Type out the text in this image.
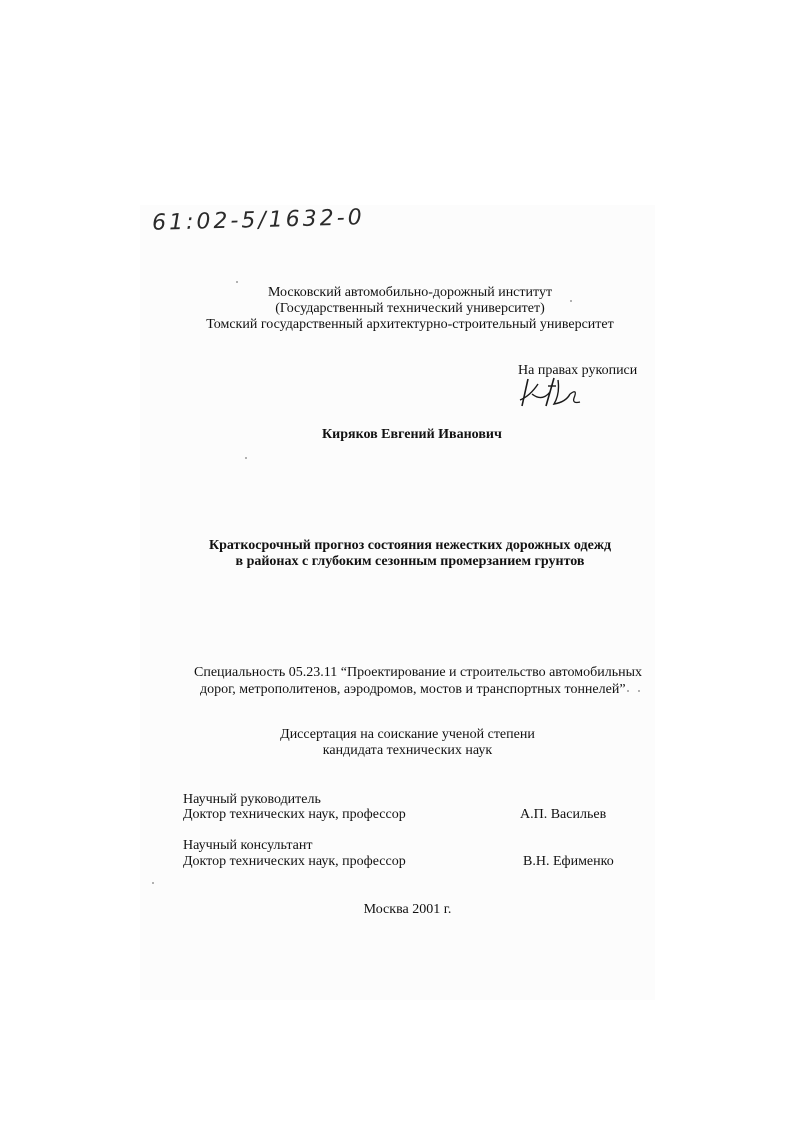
61:02-5/1632-0
Московский автомобильно-дорожный институт
(Государственный технический университет)
Томский государственный архитектурно-строительный университет
На правах рукописи
Киряков Евгений Иванович
Краткосрочный прогноз состояния нежестких дорожных одежд
в районах с глубоким сезонным промерзанием грунтов
Специальность 05.23.11 “Проектирование и строительство автомобильных
дорог, метрополитенов, аэродромов, мостов и транспортных тоннелей”
Диссертация на соискание ученой степени
кандидата технических наук
Научный руководитель
Доктор технических наук, профессор	А.П. Васильев
Научный консультант
Доктор технических наук, профессор	В.Н. Ефименко
Москва 2001 г.
